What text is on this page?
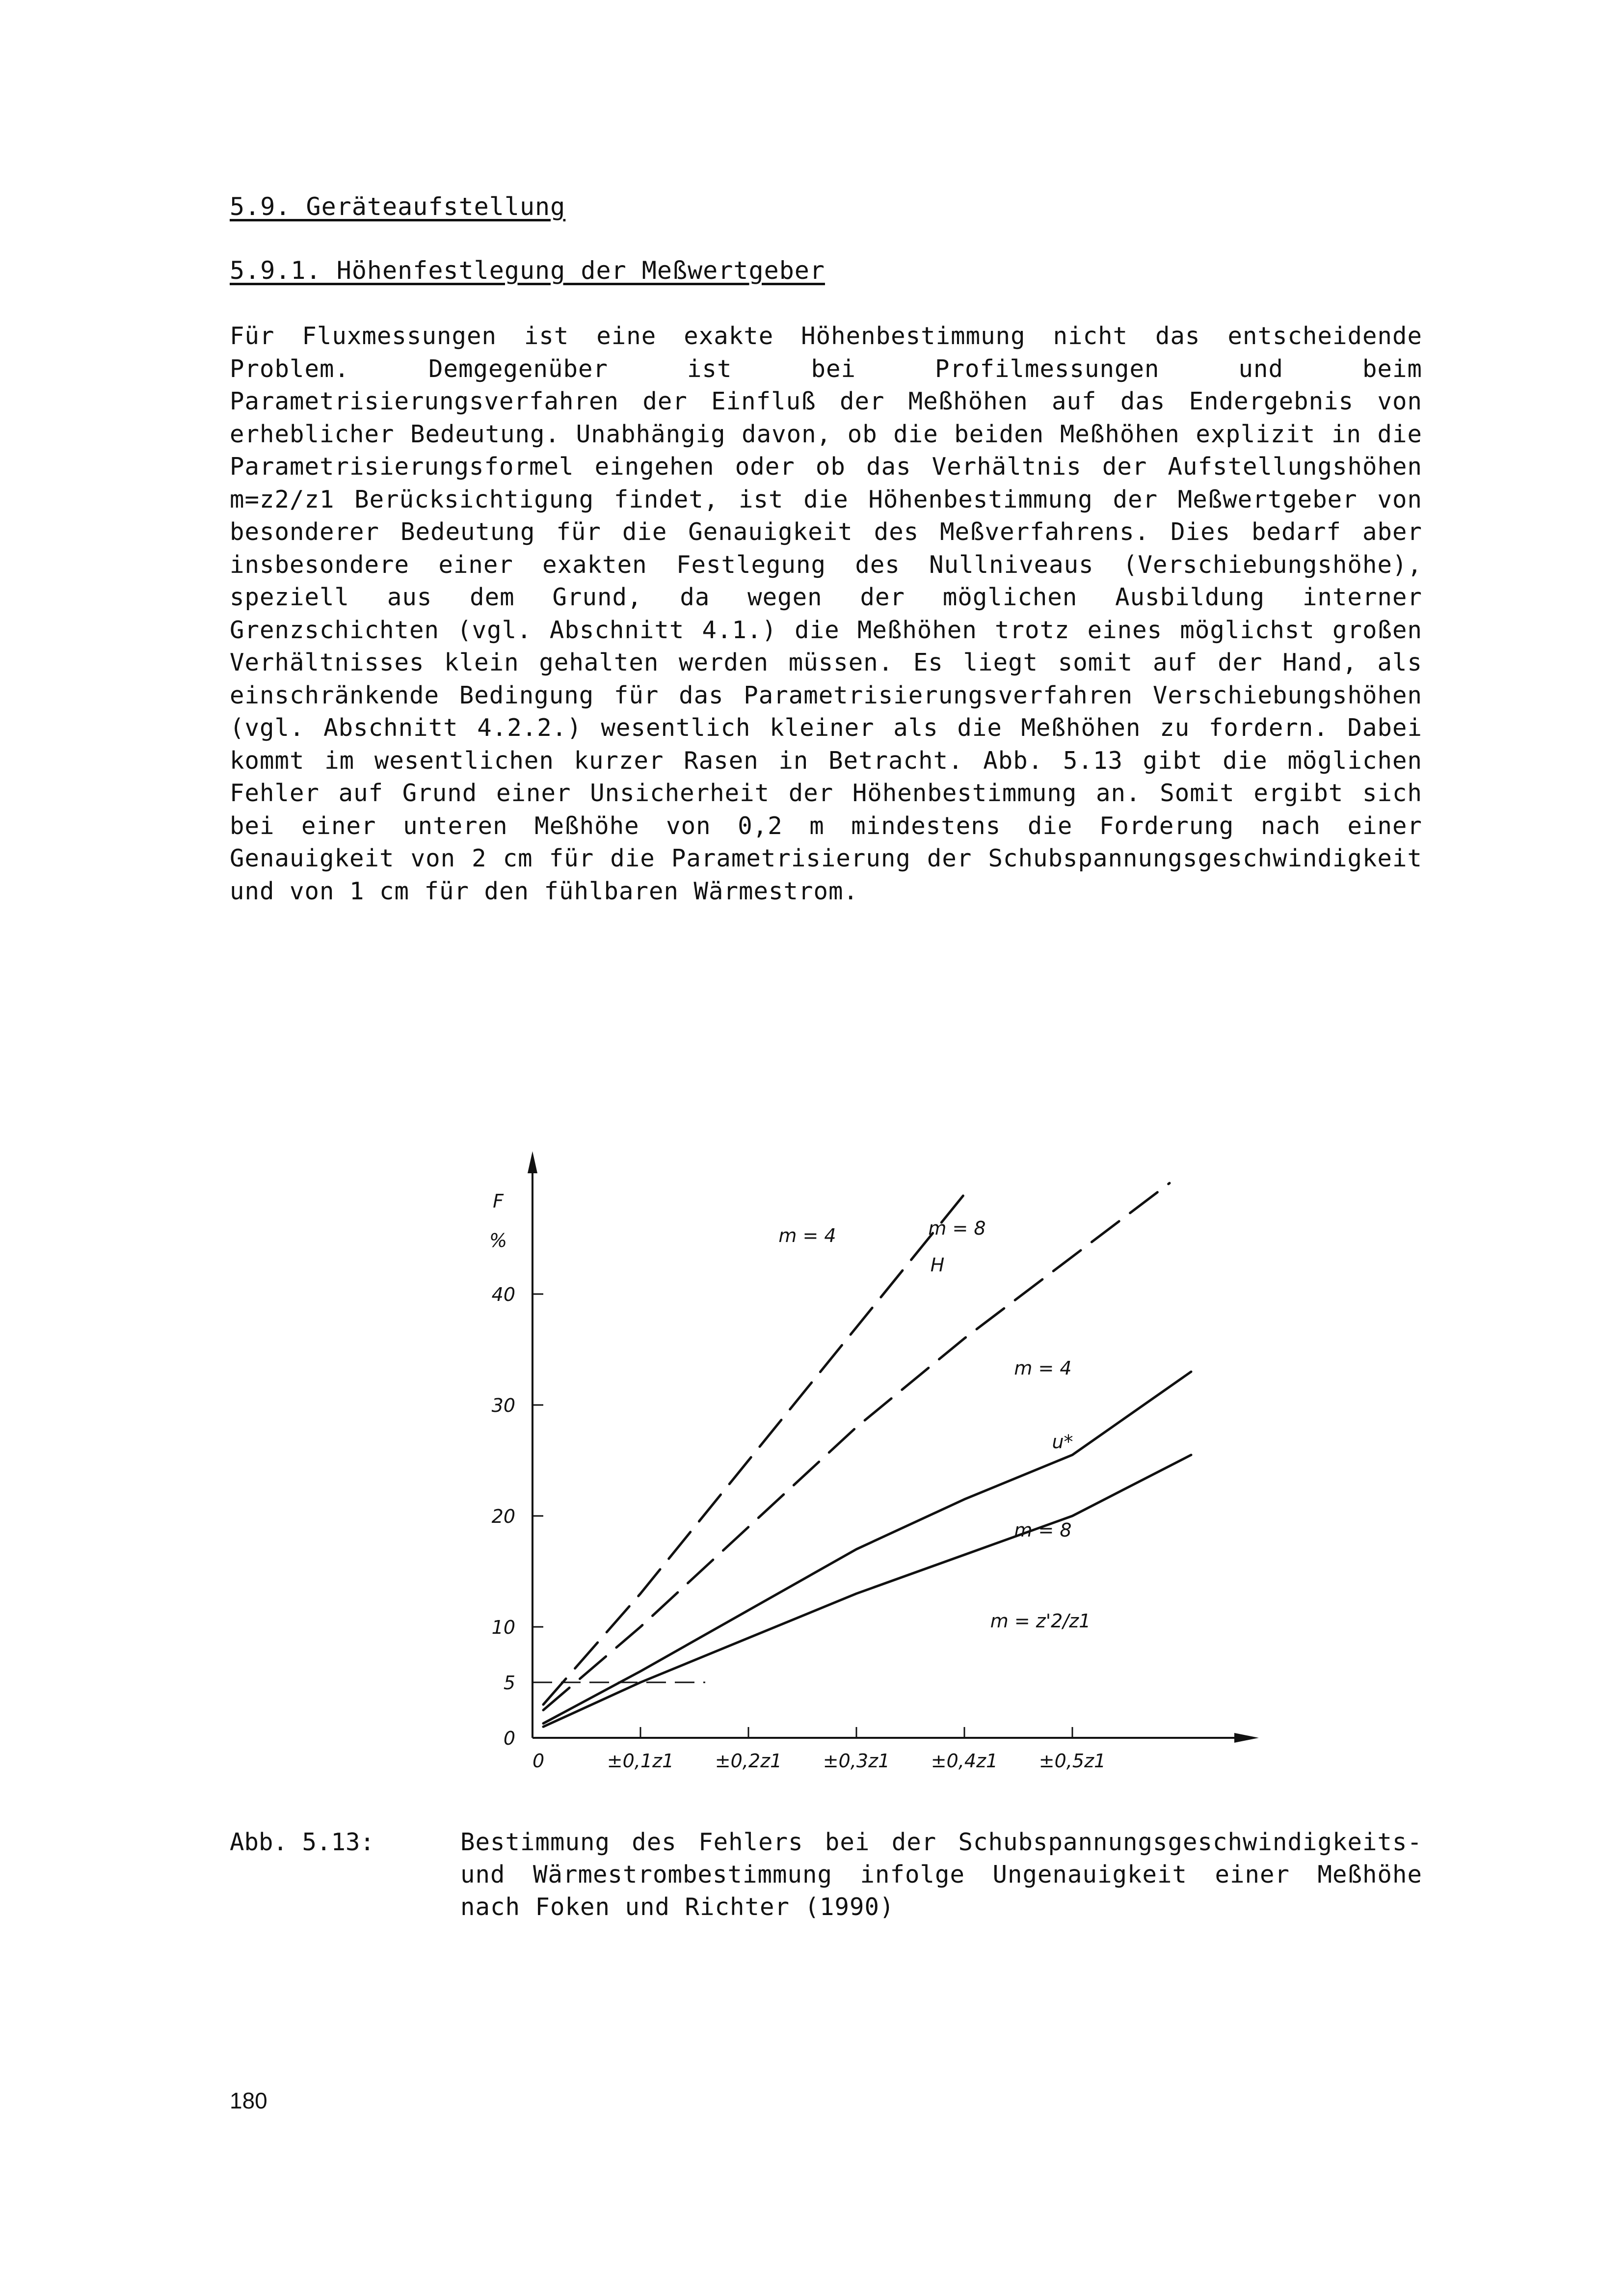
5.9. Geräteaufstellung
5.9.1. Höhenfestlegung der Meßwertgeber

Für Fluxmessungen ist eine exakte Höhenbestimmung nicht das entscheidende Problem. Demgegenüber ist bei Profilmessungen und beim Parametrisierungsverfahren der Einfluß der Meßhöhen auf das Endergebnis von erheblicher Bedeutung. Unabhängig davon, ob die beiden Meßhöhen explizit in die Parametrisierungsformel eingehen oder ob das Verhältnis der Aufstellungshöhen m=z2/z1 Berücksichtigung findet, ist die Höhenbestimmung der Meßwertgeber von besonderer Bedeutung für die Genauigkeit des Meßverfahrens. Dies bedarf aber insbesondere einer exakten Festlegung des Nullniveaus (Verschiebungshöhe), speziell aus dem Grund, da wegen der möglichen Ausbildung interner Grenzschichten (vgl. Abschnitt 4.1.) die Meßhöhen trotz eines möglichst großen Verhältnisses klein gehalten werden müssen. Es liegt somit auf der Hand, als einschränkende Bedingung für das Parametrisierungsverfahren Verschiebungshöhen (vgl. Abschnitt 4.2.2.) wesentlich kleiner als die Meßhöhen zu fordern. Dabei kommt im wesentlichen kurzer Rasen in Betracht. Abb. 5.13 gibt die möglichen Fehler auf Grund einer Unsicherheit der Höhenbestimmung an. Somit ergibt sich bei einer unteren Meßhöhe von 0,2 m mindestens die Forderung nach einer Genauigkeit von 2 cm für die Parametrisierung der Schubspannungsgeschwindigkeit und von 1 cm für den fühlbaren Wärmestrom.

F
%
0
5
10
20
30
40
0	±0,1z1 ±0,2z1 ±0,3z1 ±0,4z1 ±0,5z1
m = 4	m = 8
m = 4
m = 8
H
u*
m = z'2/z1
Abb. 5.13:	Bestimmung des Fehlers bei der Schubspannungsgeschwindigkeits- und Wärmestrombestimmung infolge Ungenauigkeit einer Meßhöhe nach Foken und Richter (1990)
180
